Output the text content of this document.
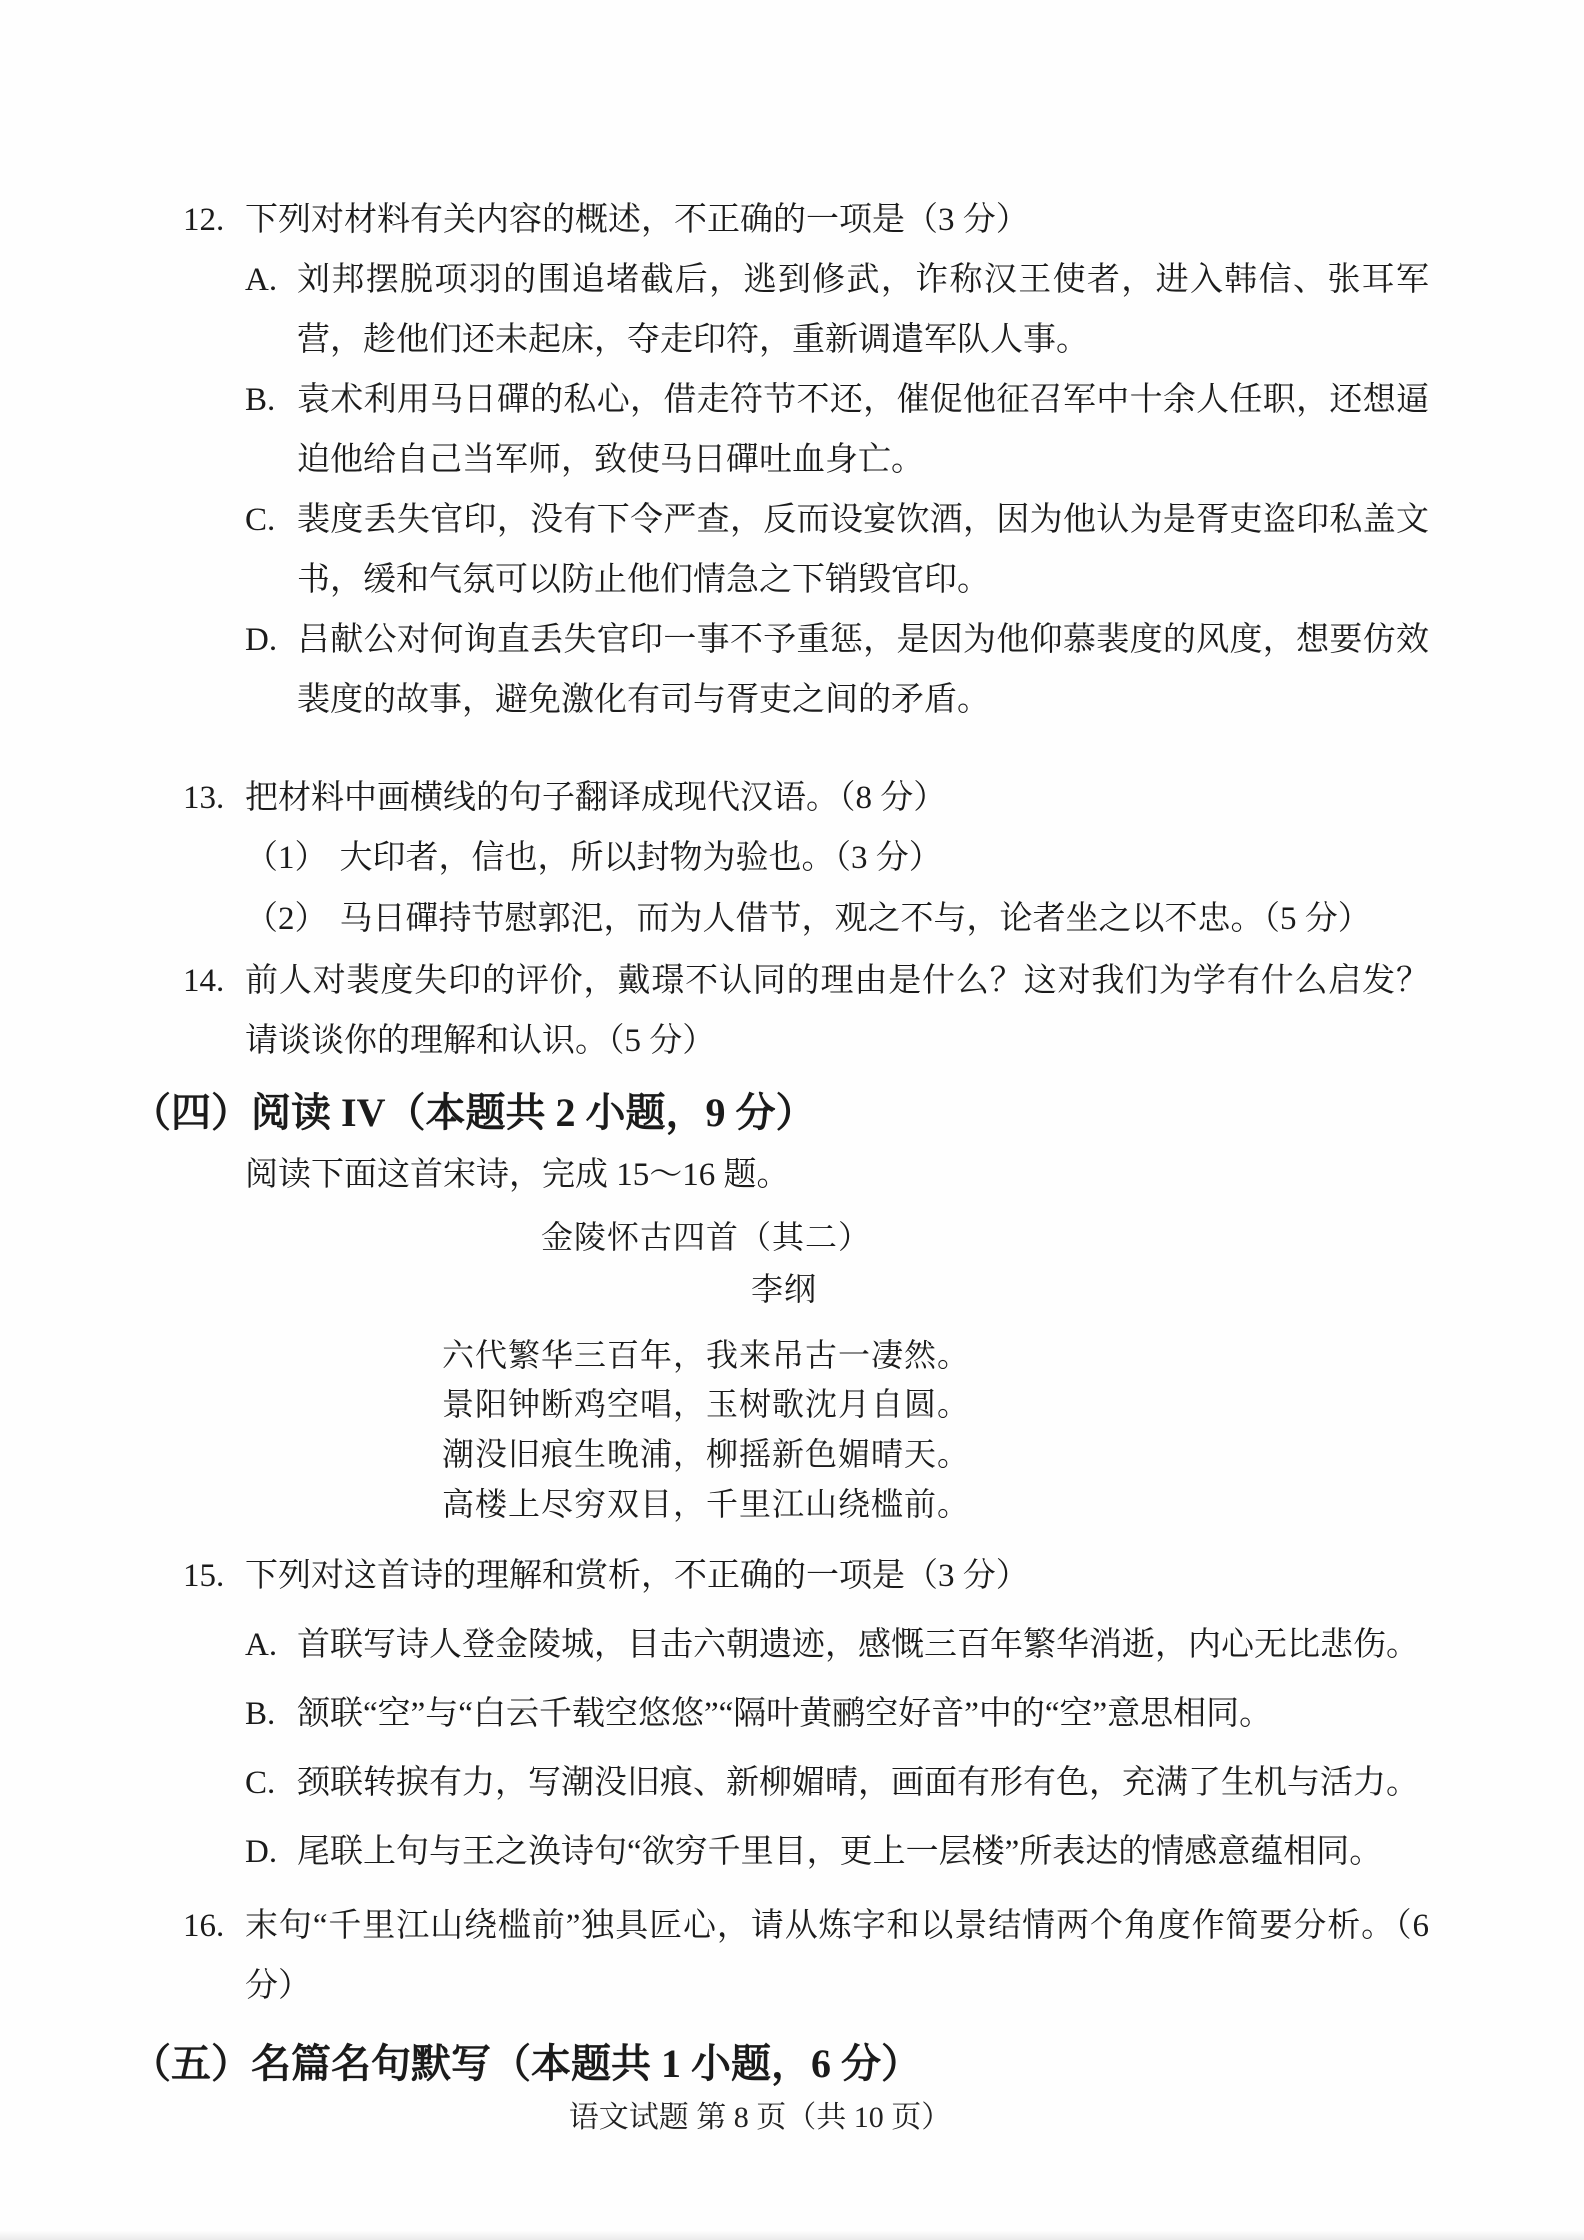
12. 下列对材料有关内容的概述，不正确的一项是（3 分）
A. 刘邦摆脱项羽的围追堵截后，逃到修武，诈称汉王使者，进入韩信、张耳军营，趁他们还未起床，夺走印符，重新调遣军队人事。
B. 袁术利用马日磾的私心，借走符节不还，催促他征召军中十余人任职，还想逼迫他给自己当军师，致使马日磾吐血身亡。
C. 裴度丢失官印，没有下令严查，反而设宴饮酒，因为他认为是胥吏盗印私盖文书，缓和气氛可以防止他们情急之下销毁官印。
D. 吕献公对何询直丢失官印一事不予重惩，是因为他仰慕裴度的风度，想要仿效裴度的故事，避免激化有司与胥吏之间的矛盾。
13. 把材料中画横线的句子翻译成现代汉语。（8 分）
（1） 大印者，信也，所以封物为验也。（3 分）
（2） 马日磾持节慰郭汜，而为人借节，观之不与，论者坐之以不忠。（5 分）
14. 前人对裴度失印的评价，戴璟不认同的理由是什么？这对我们为学有什么启发？请谈谈你的理解和认识。（5 分）
（四）阅读 IV（本题共 2 小题，9 分）
阅读下面这首宋诗，完成 15～16 题。
金陵怀古四首（其二）
李纲
六代繁华三百年，我来吊古一凄然。
景阳钟断鸡空唱，玉树歌沈月自圆。
潮没旧痕生晚浦，柳摇新色媚晴天。
高楼上尽穷双目，千里江山绕槛前。
15. 下列对这首诗的理解和赏析，不正确的一项是（3 分）
A. 首联写诗人登金陵城，目击六朝遗迹，感慨三百年繁华消逝，内心无比悲伤。
B. 颔联“空”与“白云千载空悠悠”“隔叶黄鹂空好音”中的“空”意思相同。
C. 颈联转捩有力，写潮没旧痕、新柳媚晴，画面有形有色，充满了生机与活力。
D. 尾联上句与王之涣诗句“欲穷千里目，更上一层楼”所表达的情感意蕴相同。
16. 末句“千里江山绕槛前”独具匠心，请从炼字和以景结情两个角度作简要分析。（6 分）
（五）名篇名句默写（本题共 1 小题，6 分）
语文试题 第 8 页（共 10 页）
